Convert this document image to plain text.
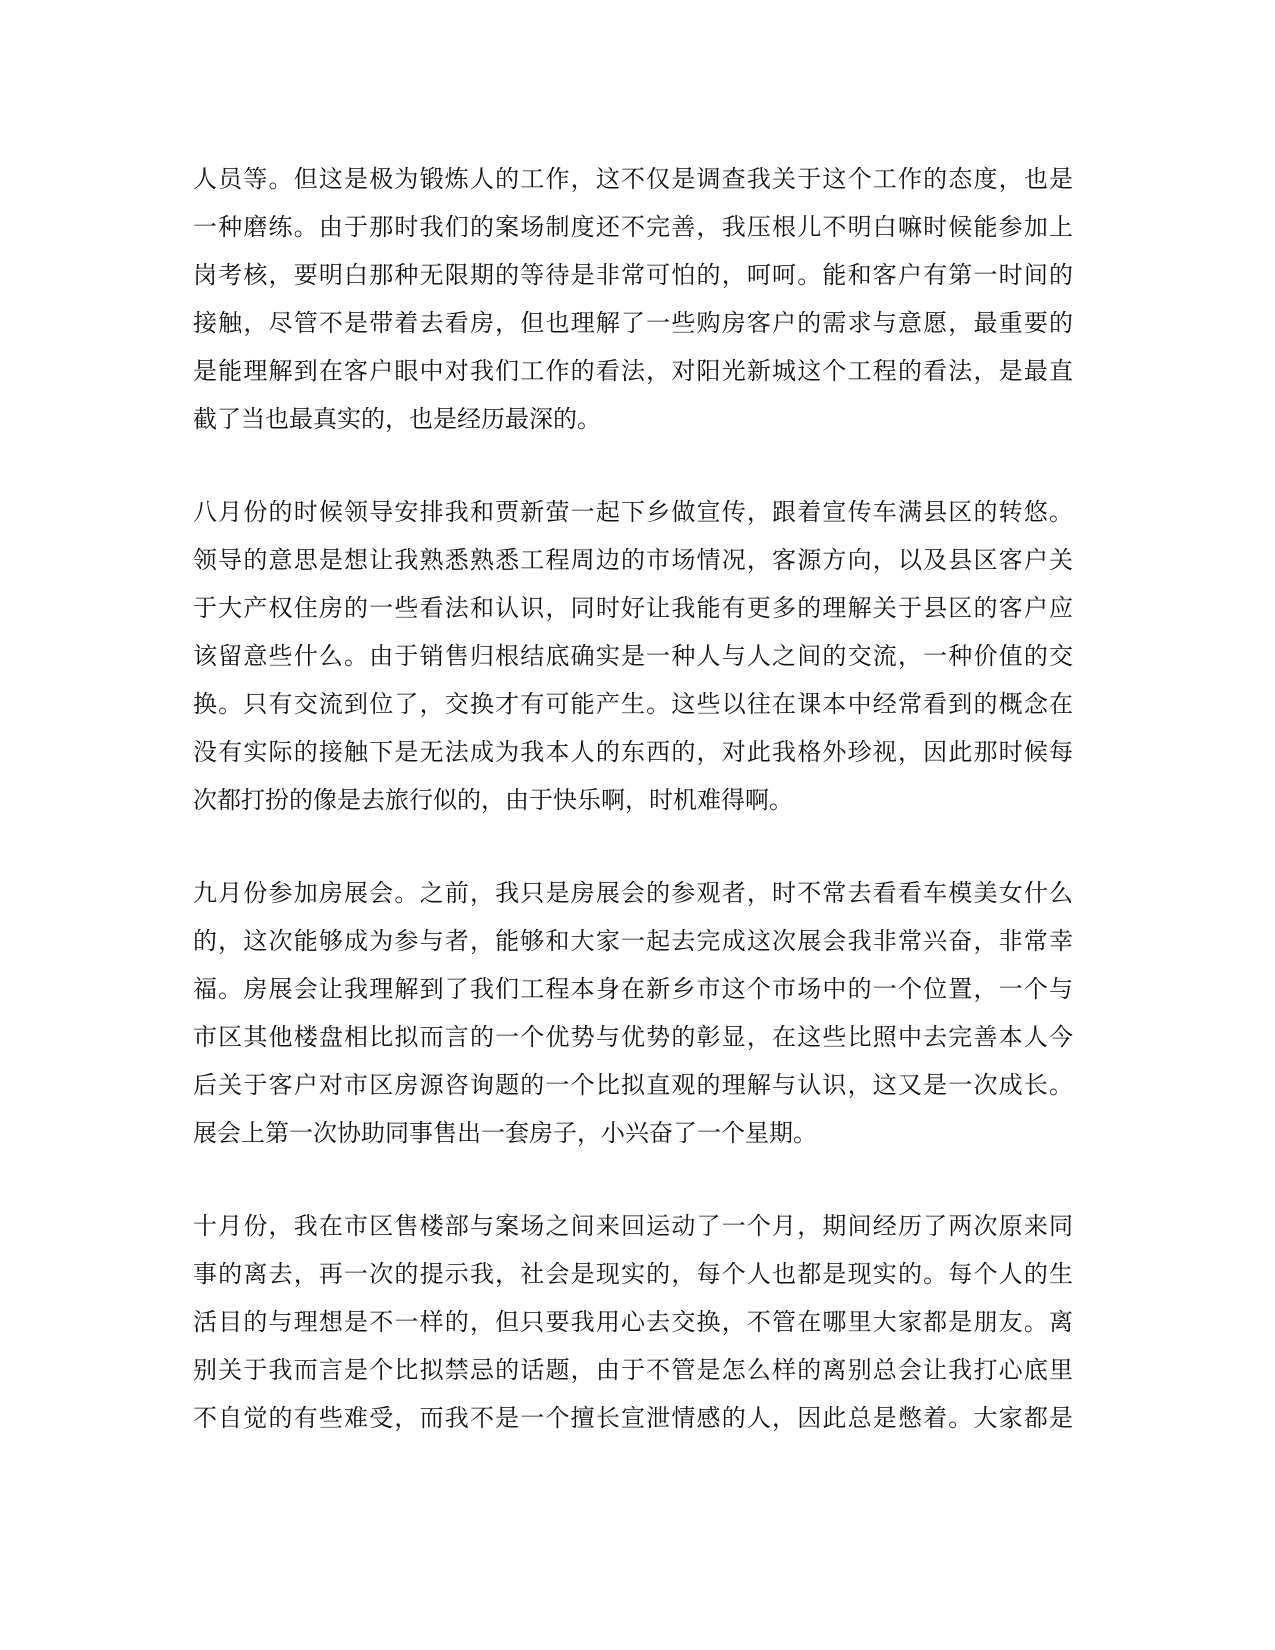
人员等。但这是极为锻炼人的工作，这不仅是调查我关于这个工作的态度，也是
一种磨练。由于那时我们的案场制度还不完善，我压根儿不明白嘛时候能参加上
岗考核，要明白那种无限期的等待是非常可怕的，呵呵。能和客户有第一时间的
接触，尽管不是带着去看房，但也理解了一些购房客户的需求与意愿，最重要的
是能理解到在客户眼中对我们工作的看法，对阳光新城这个工程的看法，是最直
截了当也最真实的，也是经历最深的。
八月份的时候领导安排我和贾新萤一起下乡做宣传，跟着宣传车满县区的转悠。
领导的意思是想让我熟悉熟悉工程周边的市场情况，客源方向，以及县区客户关
于大产权住房的一些看法和认识，同时好让我能有更多的理解关于县区的客户应
该留意些什么。由于销售归根结底确实是一种人与人之间的交流，一种价值的交
换。只有交流到位了，交换才有可能产生。这些以往在课本中经常看到的概念在
没有实际的接触下是无法成为我本人的东西的，对此我格外珍视，因此那时候每
次都打扮的像是去旅行似的，由于快乐啊，时机难得啊。
九月份参加房展会。之前，我只是房展会的参观者，时不常去看看车模美女什么
的，这次能够成为参与者，能够和大家一起去完成这次展会我非常兴奋，非常幸
福。房展会让我理解到了我们工程本身在新乡市这个市场中的一个位置，一个与
市区其他楼盘相比拟而言的一个优势与优势的彰显，在这些比照中去完善本人今
后关于客户对市区房源咨询题的一个比拟直观的理解与认识，这又是一次成长。
展会上第一次协助同事售出一套房子，小兴奋了一个星期。
十月份，我在市区售楼部与案场之间来回运动了一个月，期间经历了两次原来同
事的离去，再一次的提示我，社会是现实的，每个人也都是现实的。每个人的生
活目的与理想是不一样的，但只要我用心去交换，不管在哪里大家都是朋友。离
别关于我而言是个比拟禁忌的话题，由于不管是怎么样的离别总会让我打心底里
不自觉的有些难受，而我不是一个擅长宣泄情感的人，因此总是憋着。大家都是
